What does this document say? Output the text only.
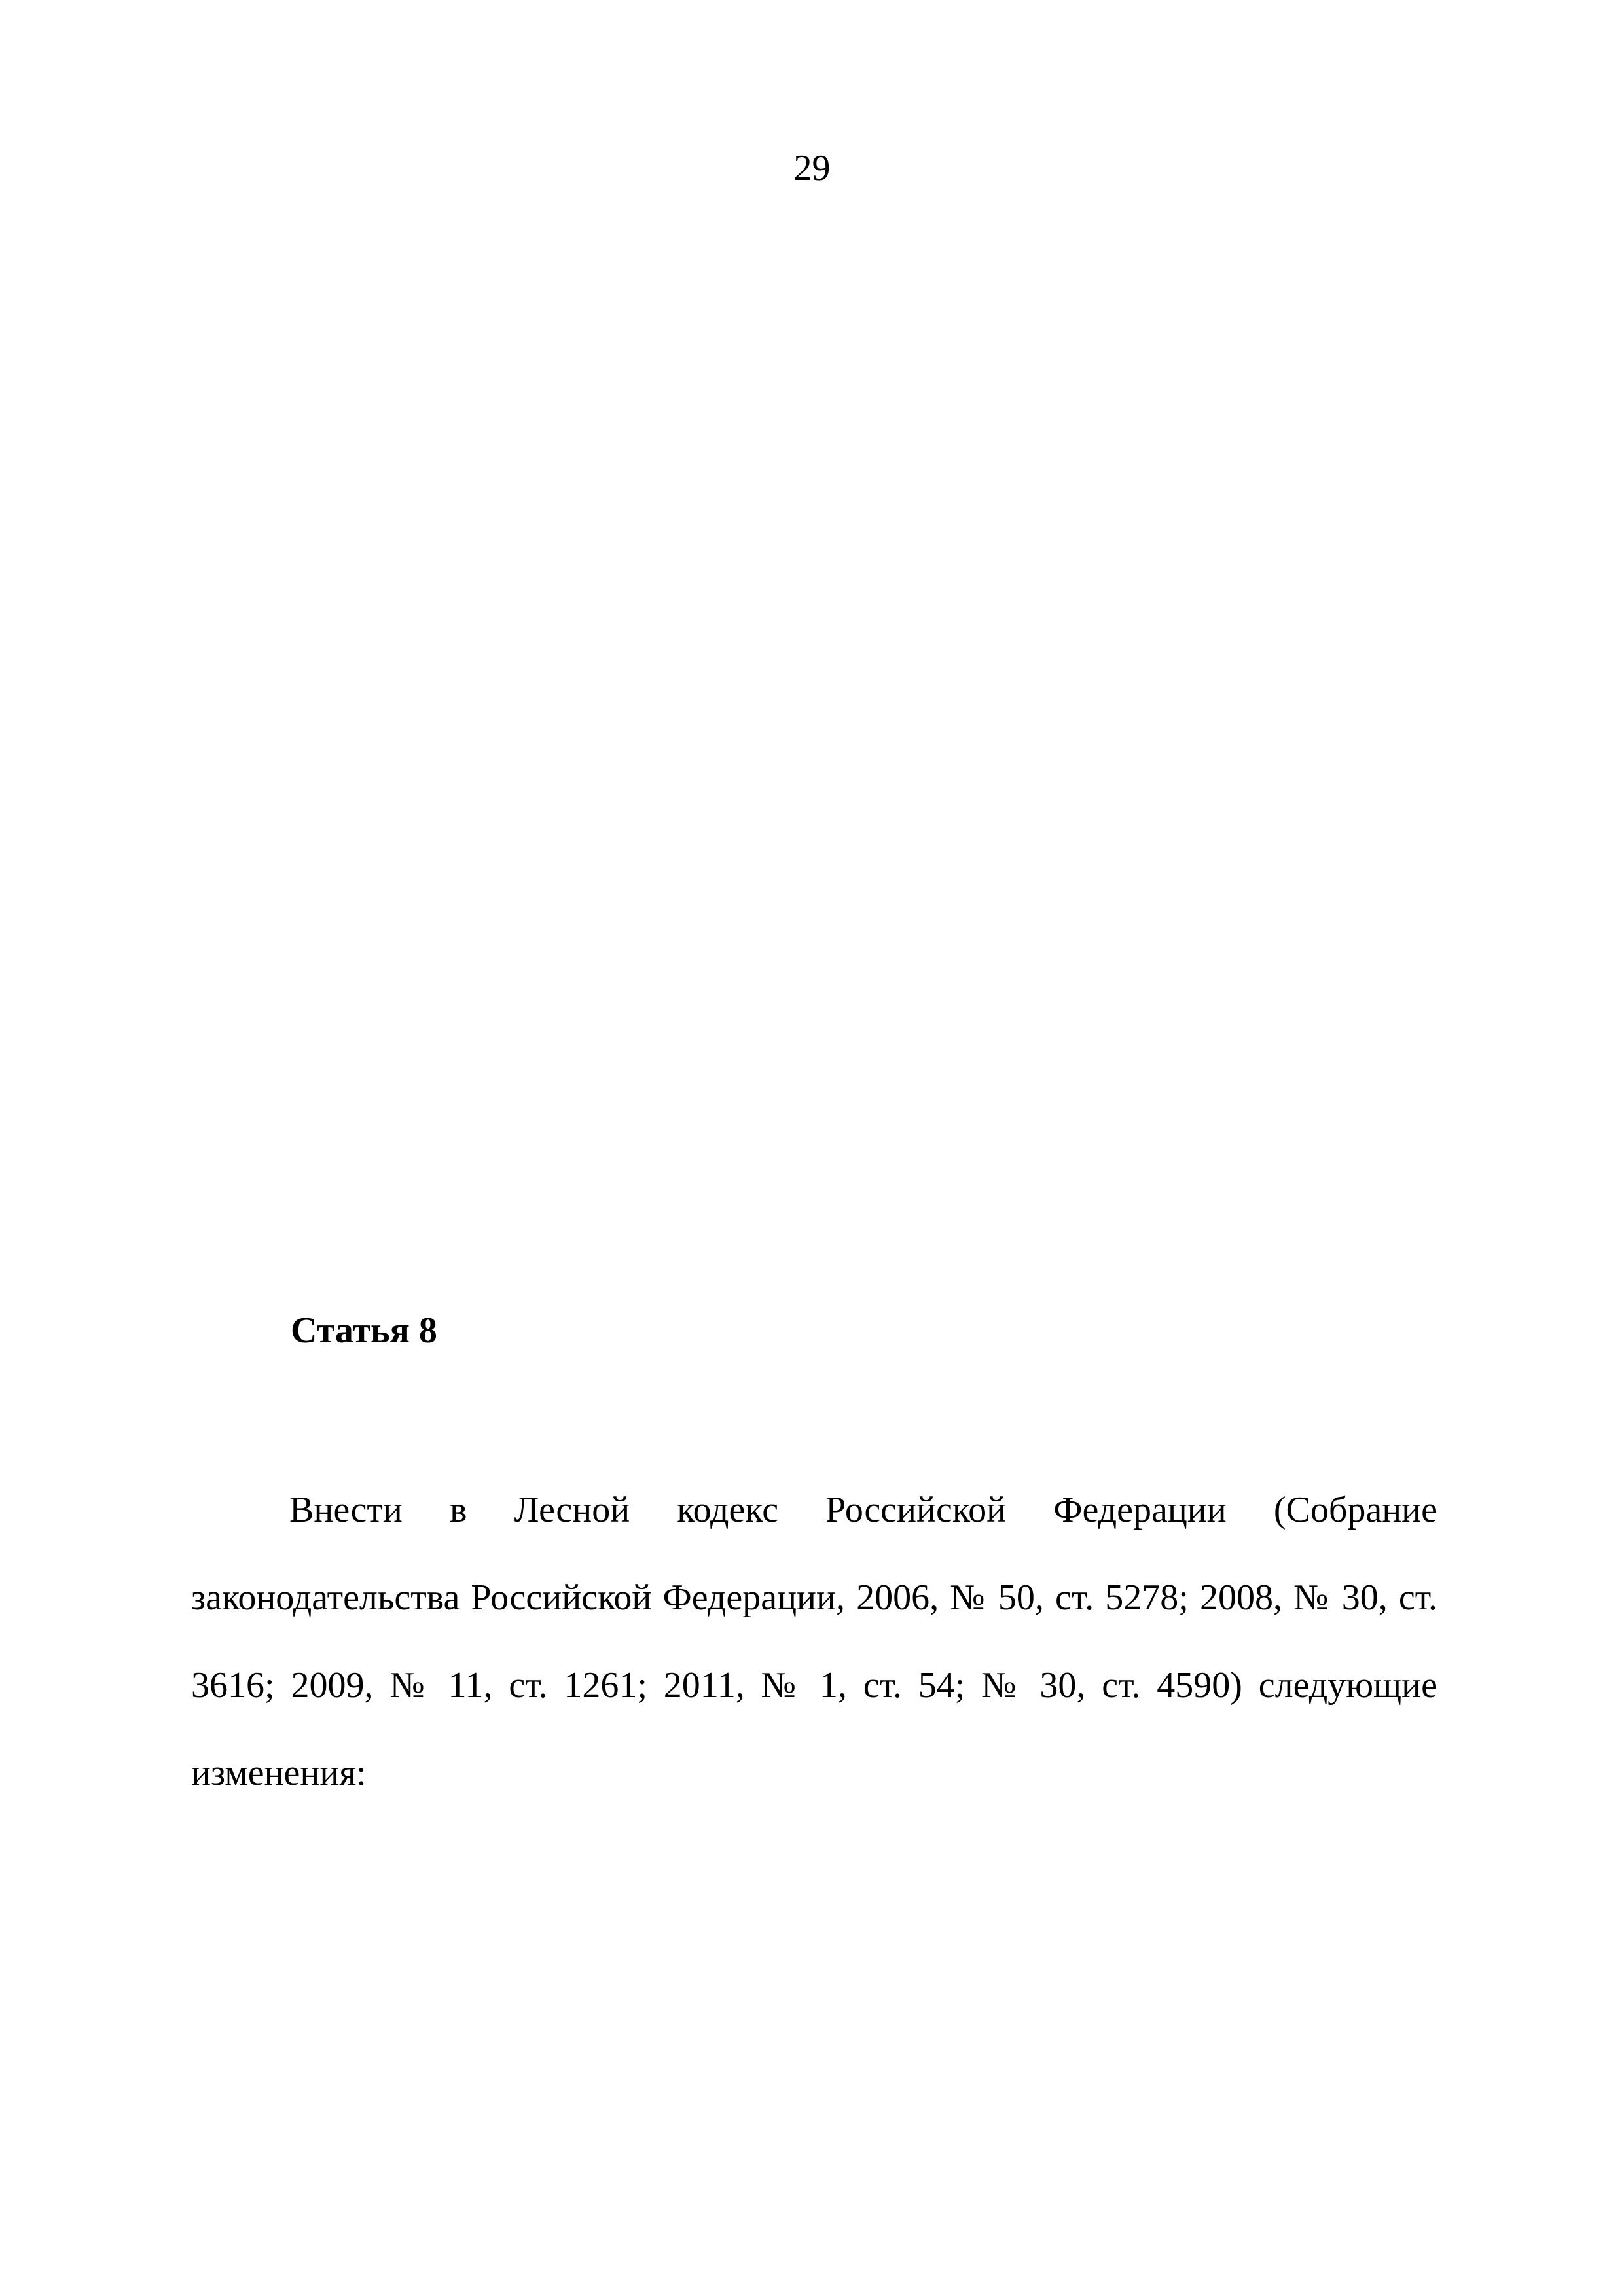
29
Статья 8

Внести в Лесной кодекс Российской Федерации (Собрание законодательства Российской Федерации, 2006, № 50, ст. 5278; 2008, № 30, ст. 3616; 2009, № 11, ст. 1261; 2011, № 1, ст. 54; № 30, ст. 4590) следующие изменения:
